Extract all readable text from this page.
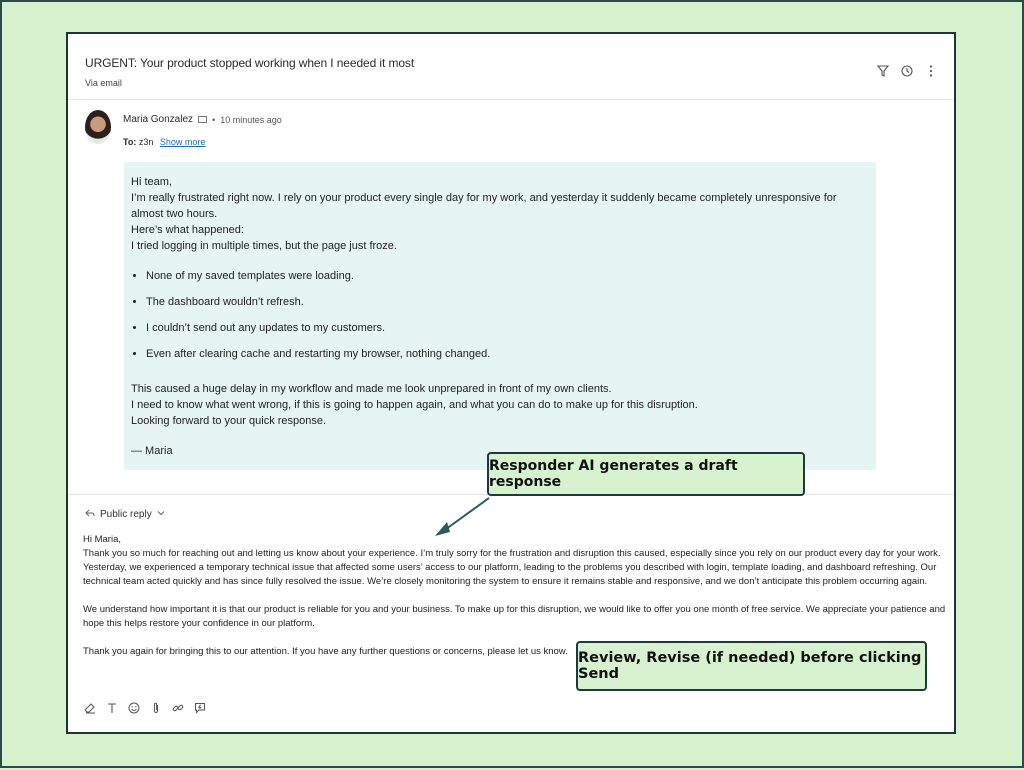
URGENT: Your product stopped working when I needed it most
Via email
Maria Gonzalez • 10 minutes ago
To: z3n Show more

Hi team,

I’m really frustrated right now. I rely on your product every single day for my work, and yesterday it suddenly became completely unresponsive for almost two hours.

Here’s what happened:

I tried logging in multiple times, but the page just froze.

• None of my saved templates were loading.
• The dashboard wouldn’t refresh.
• I couldn’t send out any updates to my customers.
• Even after clearing cache and restarting my browser, nothing changed.

This caused a huge delay in my workflow and made me look unprepared in front of my own clients.

I need to know what went wrong, if this is going to happen again, and what you can do to make up for this disruption.

Looking forward to your quick response.

— Maria

Public reply

Hi Maria,

Thank you so much for reaching out and letting us know about your experience. I’m truly sorry for the frustration and disruption this caused, especially since you rely on our product every day for your work. Yesterday, we experienced a temporary technical issue that affected some users’ access to our platform, leading to the problems you described with login, template loading, and dashboard refreshing. Our technical team acted quickly and has since fully resolved the issue. We’re closely monitoring the system to ensure it remains stable and responsive, and we don’t anticipate this problem occurring again.

We understand how important it is that our product is reliable for you and your business. To make up for this disruption, we would like to offer you one month of free service. We appreciate your patience and hope this helps restore your confidence in our platform.

Thank you again for bringing this to our attention. If you have any further questions or concerns, please let us know.

Responder AI generates a draft response
Review, Revise (if needed) before clicking Send
